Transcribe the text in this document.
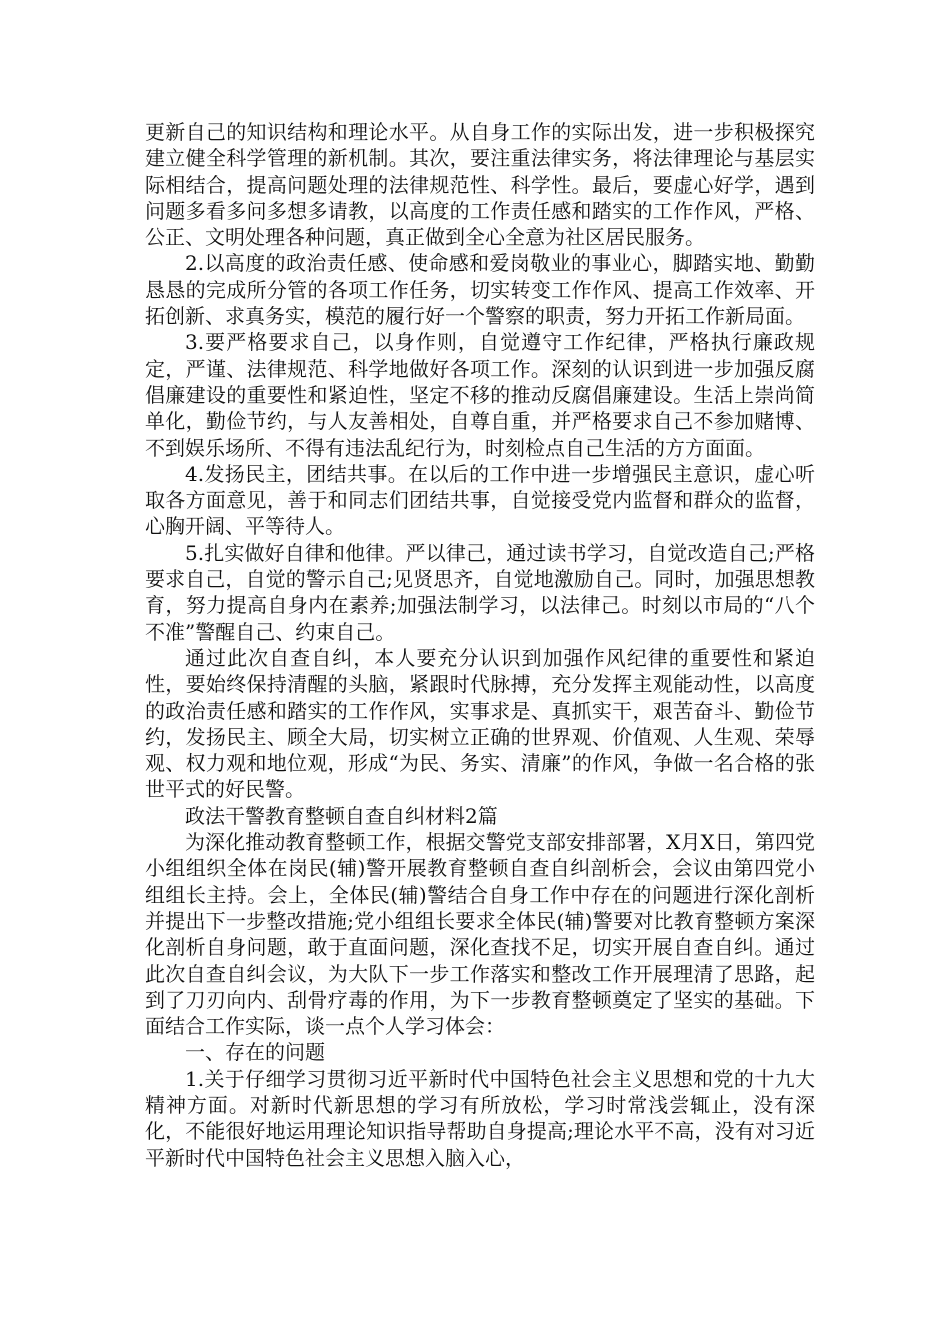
更新自己的知识结构和理论水平。从自身工作的实际出发，进一步积极探究建立健全科学管理的新机制。其次，要注重法律实务，将法律理论与基层实际相结合，提高问题处理的法律规范性、科学性。最后，要虚心好学，遇到问题多看多问多想多请教，以高度的工作责任感和踏实的工作作风，严格、公正、文明处理各种问题，真正做到全心全意为社区居民服务。

2.以高度的政治责任感、使命感和爱岗敬业的事业心，脚踏实地、勤勤恳恳的完成所分管的各项工作任务，切实转变工作作风、提高工作效率、开拓创新、求真务实，模范的履行好一个警察的职责，努力开拓工作新局面。

3.要严格要求自己，以身作则，自觉遵守工作纪律，严格执行廉政规定，严谨、法律规范、科学地做好各项工作。深刻的认识到进一步加强反腐倡廉建设的重要性和紧迫性，坚定不移的推动反腐倡廉建设。生活上崇尚简单化，勤俭节约，与人友善相处，自尊自重，并严格要求自己不参加赌博、不到娱乐场所、不得有违法乱纪行为，时刻检点自己生活的方方面面。

4.发扬民主，团结共事。在以后的工作中进一步增强民主意识，虚心听取各方面意见，善于和同志们团结共事，自觉接受党内监督和群众的监督，心胸开阔、平等待人。

5.扎实做好自律和他律。严以律己，通过读书学习，自觉改造自己;严格要求自己，自觉的警示自己;见贤思齐，自觉地激励自己。同时，加强思想教育，努力提高自身内在素养;加强法制学习，以法律己。时刻以市局的“八个不准”警醒自己、约束自己。

通过此次自查自纠，本人要充分认识到加强作风纪律的重要性和紧迫性，要始终保持清醒的头脑，紧跟时代脉搏，充分发挥主观能动性，以高度的政治责任感和踏实的工作作风，实事求是、真抓实干，艰苦奋斗、勤俭节约，发扬民主、顾全大局，切实树立正确的世界观、价值观、人生观、荣辱观、权力观和地位观，形成“为民、务实、清廉”的作风，争做一名合格的张世平式的好民警。

政法干警教育整顿自查自纠材料2篇

为深化推动教育整顿工作，根据交警党支部安排部署，X月X日，第四党小组组织全体在岗民(辅)警开展教育整顿自查自纠剖析会，会议由第四党小组组长主持。会上，全体民(辅)警结合自身工作中存在的问题进行深化剖析并提出下一步整改措施;党小组组长要求全体民(辅)警要对比教育整顿方案深化剖析自身问题，敢于直面问题，深化查找不足，切实开展自查自纠。通过此次自查自纠会议，为大队下一步工作落实和整改工作开展理清了思路，起到了刀刃向内、刮骨疗毒的作用，为下一步教育整顿奠定了坚实的基础。下面结合工作实际，谈一点个人学习体会：

一、存在的问题

1.关于仔细学习贯彻习近平新时代中国特色社会主义思想和党的十九大精神方面。对新时代新思想的学习有所放松，学习时常浅尝辄止，没有深化，不能很好地运用理论知识指导帮助自身提高;理论水平不高，没有对习近平新时代中国特色社会主义思想入脑入心，
